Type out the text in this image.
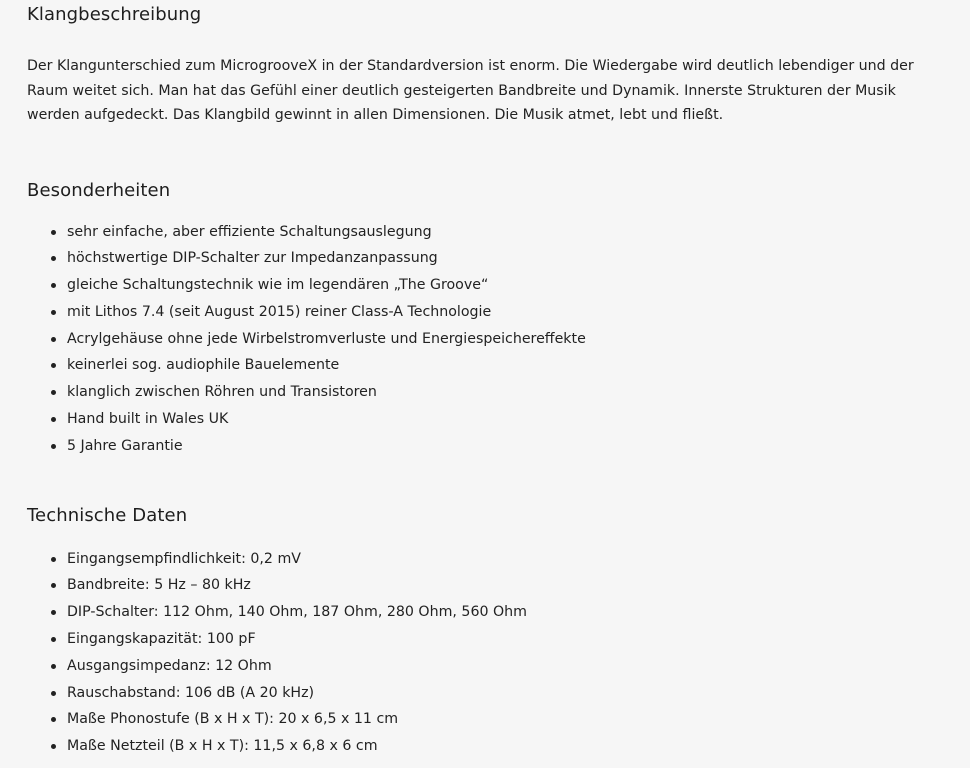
Klangbeschreibung

Der Klangunterschied zum MicrogrooveX in der Standardversion ist enorm. Die Wiedergabe wird deutlich lebendiger und der Raum weitet sich. Man hat das Gefühl einer deutlich gesteigerten Bandbreite und Dynamik. Innerste Strukturen der Musik werden aufgedeckt. Das Klangbild gewinnt in allen Dimensionen. Die Musik atmet, lebt und fließt.

Besonderheiten
sehr einfache, aber effiziente Schaltungsauslegung
höchstwertige DIP-Schalter zur Impedanzanpassung
gleiche Schaltungstechnik wie im legendären „The Groove“
mit Lithos 7.4 (seit August 2015) reiner Class-A Technologie
Acrylgehäuse ohne jede Wirbelstromverluste und Energiespeichereffekte
keinerlei sog. audiophile Bauelemente
klanglich zwischen Röhren und Transistoren
Hand built in Wales UK
5 Jahre Garantie
Technische Daten
Eingangsempfindlichkeit: 0,2 mV
Bandbreite: 5 Hz – 80 kHz
DIP-Schalter: 112 Ohm, 140 Ohm, 187 Ohm, 280 Ohm, 560 Ohm
Eingangskapazität: 100 pF
Ausgangsimpedanz: 12 Ohm
Rauschabstand: 106 dB (A 20 kHz)
Maße Phonostufe (B x H x T): 20 x 6,5 x 11 cm
Maße Netzteil (B x H x T): 11,5 x 6,8 x 6 cm
